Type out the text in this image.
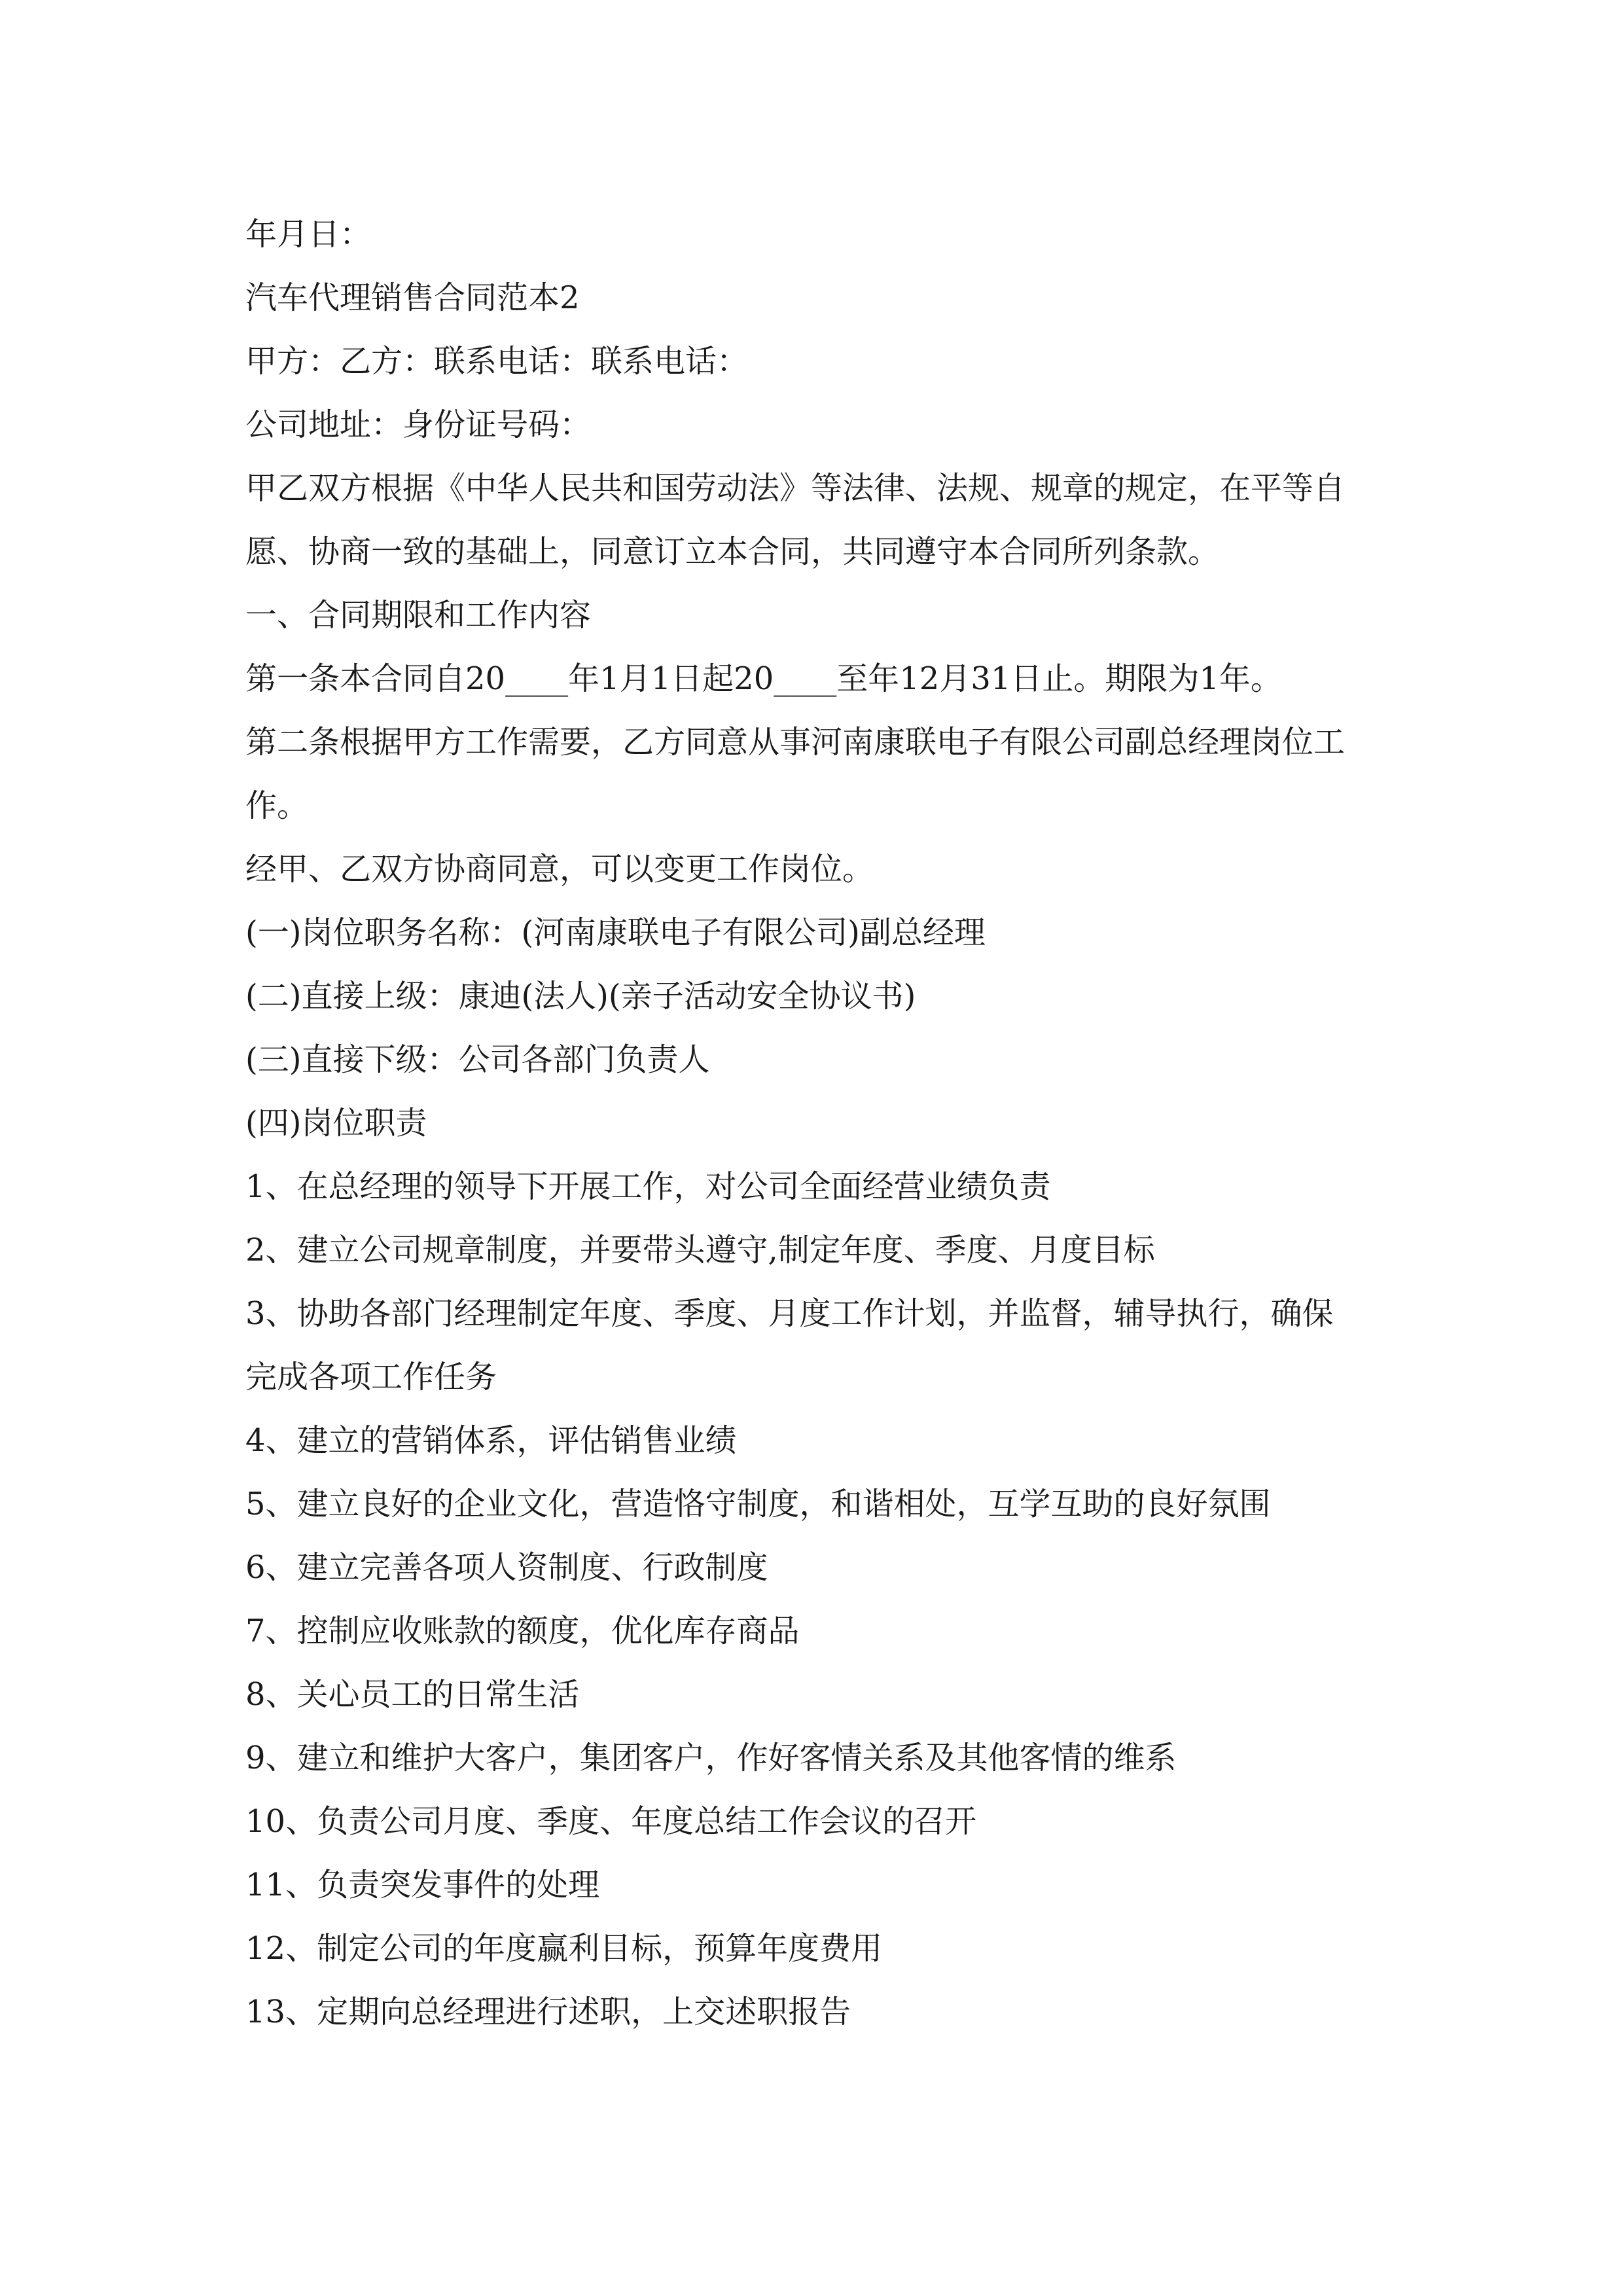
年月日：
汽车代理销售合同范本2
甲方：乙方：联系电话：联系电话：
公司地址：身份证号码：
甲乙双方根据《中华人民共和国劳动法》等法律、法规、规章的规定，在平等自
愿、协商一致的基础上，同意订立本合同，共同遵守本合同所列条款。
一、合同期限和工作内容
第一条本合同自20____年1月1日起20____至年12月31日止。期限为1年。
第二条根据甲方工作需要，乙方同意从事河南康联电子有限公司副总经理岗位工
作。
经甲、乙双方协商同意，可以变更工作岗位。
(一)岗位职务名称：(河南康联电子有限公司)副总经理
(二)直接上级：康迪(法人)(亲子活动安全协议书)
(三)直接下级：公司各部门负责人
(四)岗位职责
1、在总经理的领导下开展工作，对公司全面经营业绩负责
2、建立公司规章制度，并要带头遵守,制定年度、季度、月度目标
3、协助各部门经理制定年度、季度、月度工作计划，并监督，辅导执行，确保
完成各项工作任务
4、建立的营销体系，评估销售业绩
5、建立良好的企业文化，营造恪守制度，和谐相处，互学互助的良好氛围
6、建立完善各项人资制度、行政制度
7、控制应收账款的额度，优化库存商品
8、关心员工的日常生活
9、建立和维护大客户，集团客户，作好客情关系及其他客情的维系
10、负责公司月度、季度、年度总结工作会议的召开
11、负责突发事件的处理
12、制定公司的年度赢利目标，预算年度费用
13、定期向总经理进行述职，上交述职报告
